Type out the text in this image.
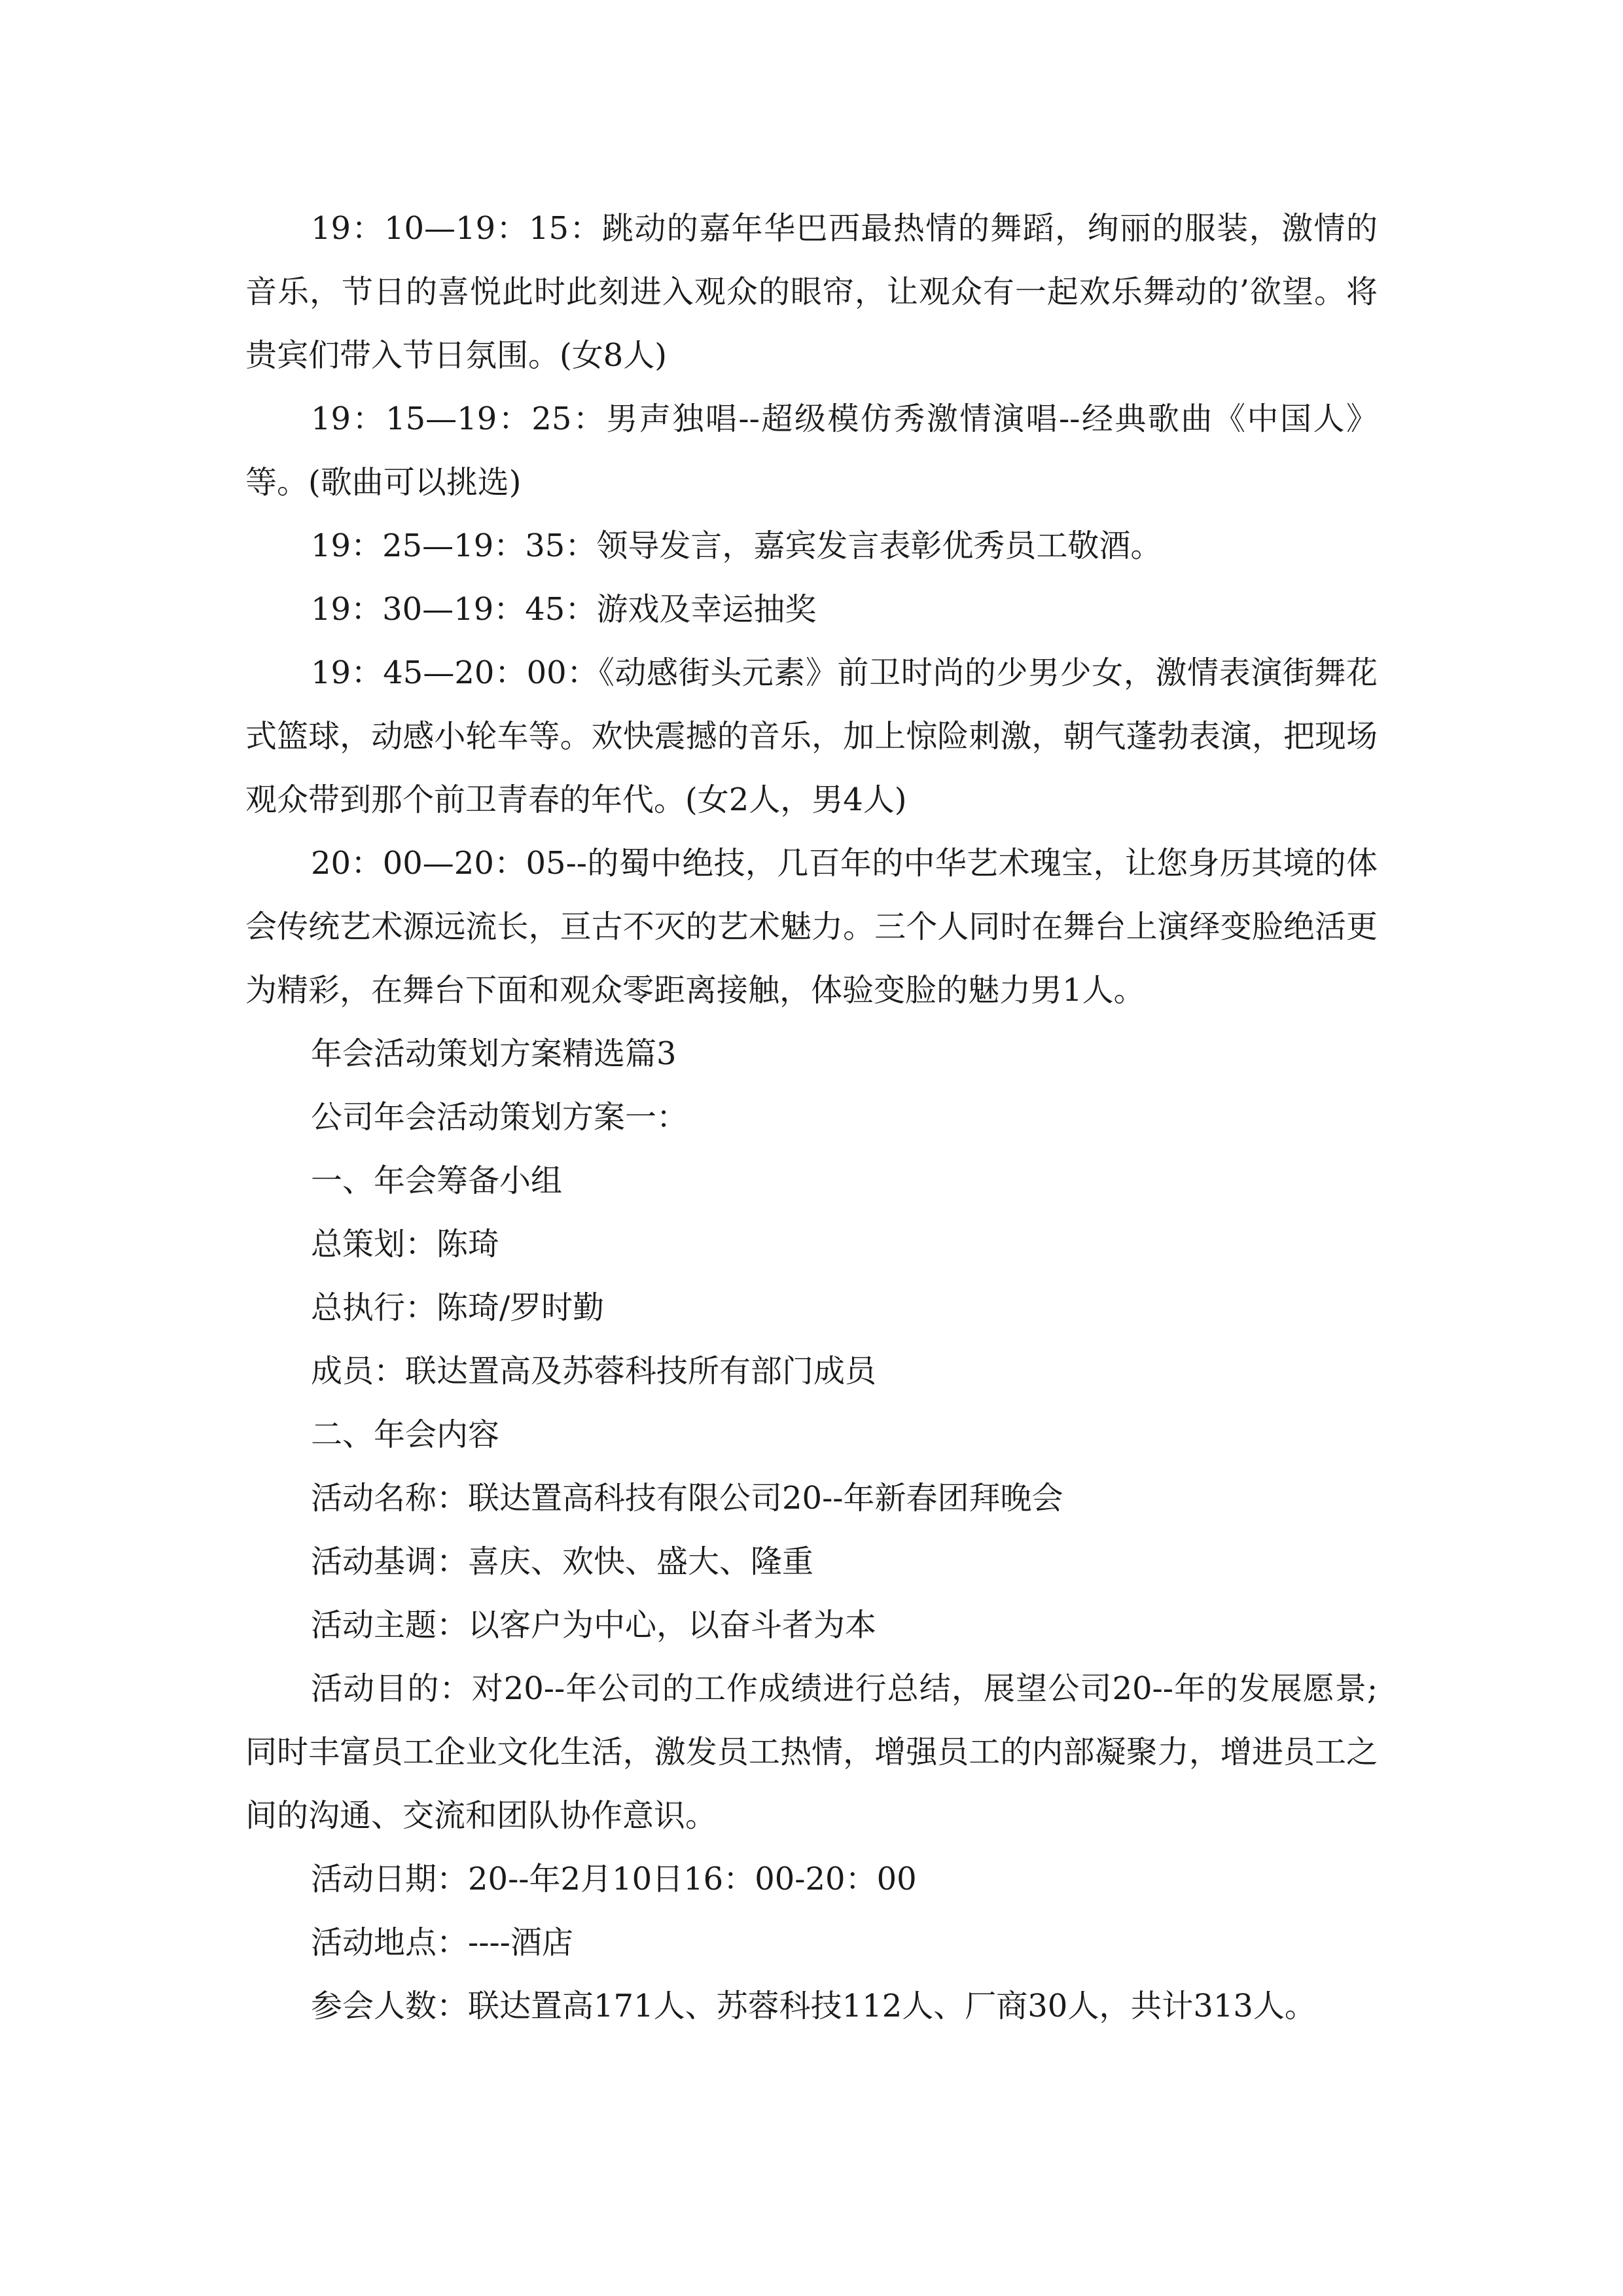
19：10—19：15：跳动的嘉年华巴西最热情的舞蹈，绚丽的服装，激情的音乐，节日的喜悦此时此刻进入观众的眼帘，让观众有一起欢乐舞动的’欲望。将贵宾们带入节日氛围。(女8人)

19：15—19：25：男声独唱--超级模仿秀激情演唱--经典歌曲《中国人》等。(歌曲可以挑选)

19：25—19：35：领导发言，嘉宾发言表彰优秀员工敬酒。

19：30—19：45：游戏及幸运抽奖

19：45—20：00：《动感街头元素》前卫时尚的少男少女，激情表演街舞花式篮球，动感小轮车等。欢快震撼的音乐，加上惊险刺激，朝气蓬勃表演，把现场观众带到那个前卫青春的年代。(女2人，男4人)

20：00—20：05--的蜀中绝技，几百年的中华艺术瑰宝，让您身历其境的体会传统艺术源远流长，亘古不灭的艺术魅力。三个人同时在舞台上演绎变脸绝活更为精彩，在舞台下面和观众零距离接触，体验变脸的魅力男1人。

年会活动策划方案精选篇3

公司年会活动策划方案一：

一、年会筹备小组

总策划：陈琦

总执行：陈琦/罗时勤

成员：联达置高及苏蓉科技所有部门成员

二、年会内容

活动名称：联达置高科技有限公司20--年新春团拜晚会

活动基调：喜庆、欢快、盛大、隆重

活动主题：以客户为中心，以奋斗者为本

活动目的：对20--年公司的工作成绩进行总结，展望公司20--年的发展愿景;同时丰富员工企业文化生活，激发员工热情，增强员工的内部凝聚力，增进员工之间的沟通、交流和团队协作意识。

活动日期：20--年2月10日16：00-20：00

活动地点：----酒店

参会人数：联达置高171人、苏蓉科技112人、厂商30人，共计313人。
